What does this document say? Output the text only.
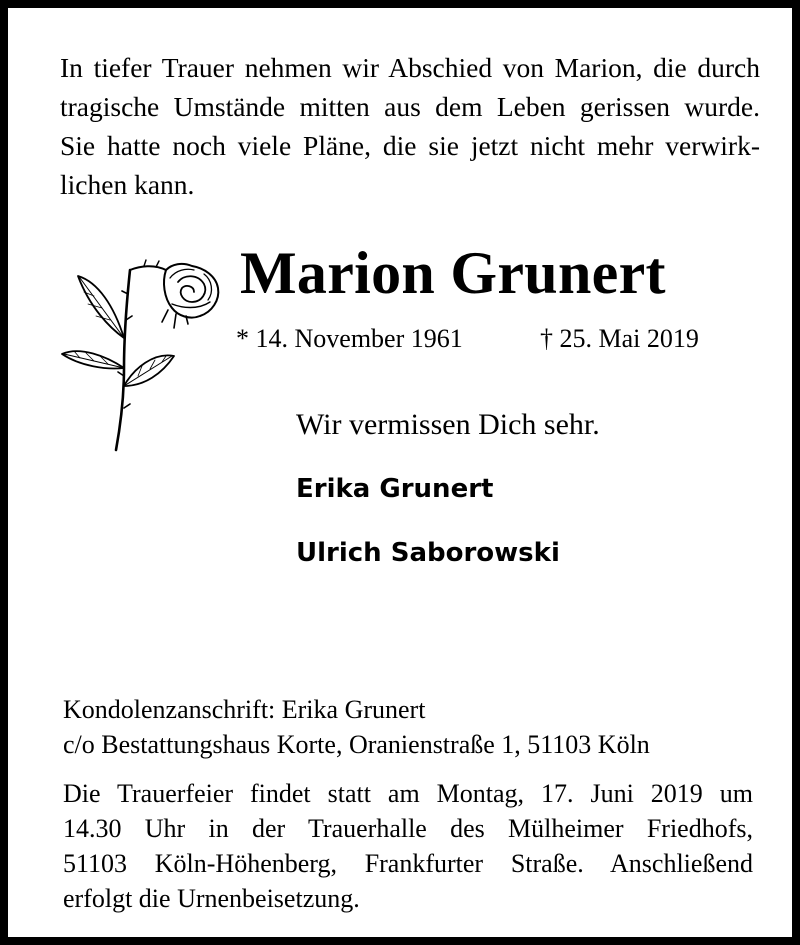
In tiefer Trauer nehmen wir Abschied von Marion, die durch
tragische Umstände mitten aus dem Leben gerissen wurde.
Sie hatte noch viele Pläne, die sie jetzt nicht mehr verwirk-
lichen kann.
Marion Grunert
* 14. November 1961	† 25. Mai 2019
Wir vermissen Dich sehr.
Erika Grunert
Ulrich Saborowski
Kondolenzanschrift: Erika Grunert
c/o Bestattungshaus Korte, Oranienstraße 1, 51103 Köln
Die Trauerfeier findet statt am Montag, 17. Juni 2019 um
14.30 Uhr in der Trauerhalle des Mülheimer Friedhofs,
51103 Köln-Höhenberg, Frankfurter Straße. Anschließend
erfolgt die Urnenbeisetzung.
